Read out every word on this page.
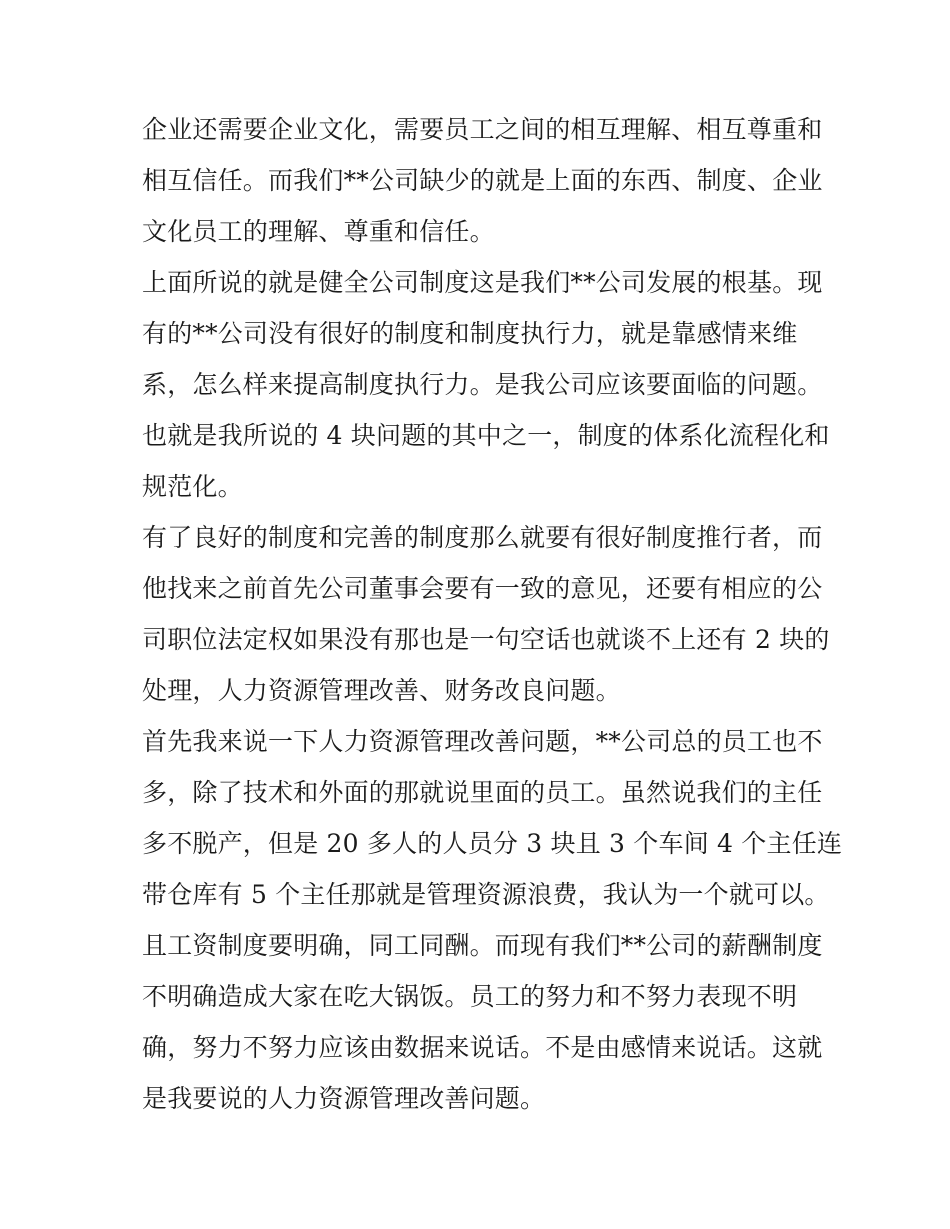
企业还需要企业文化，需要员工之间的相互理解、相互尊重和
相互信任。而我们**公司缺少的就是上面的东西、制度、企业
文化员工的理解、尊重和信任。
上面所说的就是健全公司制度这是我们**公司发展的根基。现
有的**公司没有很好的制度和制度执行力，就是靠感情来维
系，怎么样来提高制度执行力。是我公司应该要面临的问题。
也就是我所说的 4 块问题的其中之一，制度的体系化流程化和
规范化。
有了良好的制度和完善的制度那么就要有很好制度推行者，而
他找来之前首先公司董事会要有一致的意见，还要有相应的公
司职位法定权如果没有那也是一句空话也就谈不上还有 2 块的
处理，人力资源管理改善、财务改良问题。
首先我来说一下人力资源管理改善问题，**公司总的员工也不
多，除了技术和外面的那就说里面的员工。虽然说我们的主任
多不脱产，但是 20 多人的人员分 3 块且 3 个车间 4 个主任连
带仓库有 5 个主任那就是管理资源浪费，我认为一个就可以。
且工资制度要明确，同工同酬。而现有我们**公司的薪酬制度
不明确造成大家在吃大锅饭。员工的努力和不努力表现不明
确，努力不努力应该由数据来说话。不是由感情来说话。这就
是我要说的人力资源管理改善问题。
